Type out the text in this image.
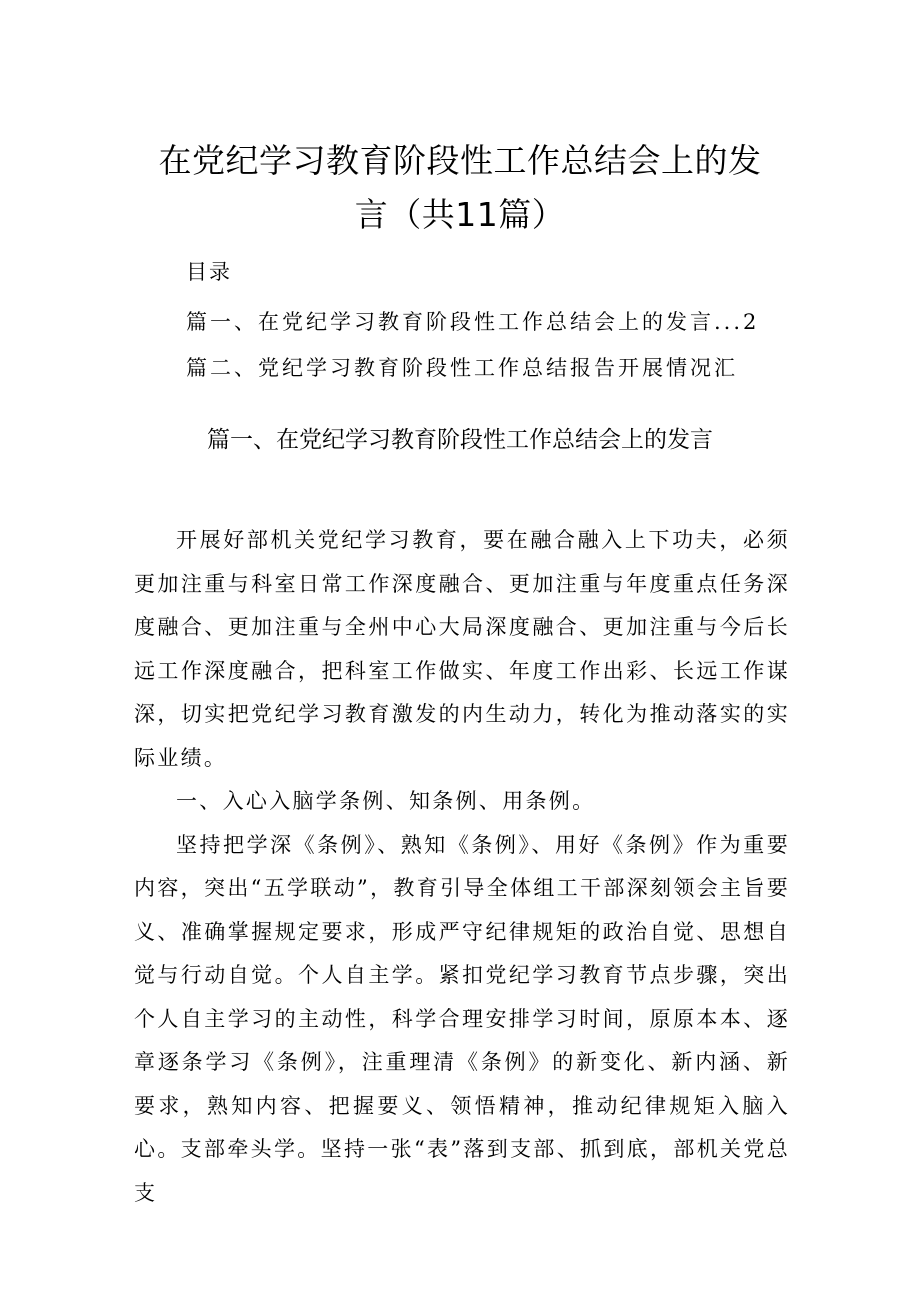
在党纪学习教育阶段性工作总结会上的发言（共11篇）
目录
篇一、在党纪学习教育阶段性工作总结会上的发言...2
篇二、党纪学习教育阶段性工作总结报告开展情况汇
篇一、在党纪学习教育阶段性工作总结会上的发言

开展好部机关党纪学习教育，要在融合融入上下功夫，必须更加注重与科室日常工作深度融合、更加注重与年度重点任务深度融合、更加注重与全州中心大局深度融合、更加注重与今后长远工作深度融合，把科室工作做实、年度工作出彩、长远工作谋深，切实把党纪学习教育激发的内生动力，转化为推动落实的实际业绩。

一、入心入脑学条例、知条例、用条例。

坚持把学深《条例》、熟知《条例》、用好《条例》作为重要内容，突出“五学联动”，教育引导全体组工干部深刻领会主旨要义、准确掌握规定要求，形成严守纪律规矩的政治自觉、思想自觉与行动自觉。个人自主学。紧扣党纪学习教育节点步骤，突出个人自主学习的主动性，科学合理安排学习时间，原原本本、逐章逐条学习《条例》，注重理清《条例》的新变化、新内涵、新要求，熟知内容、把握要义、领悟精神，推动纪律规矩入脑入心。支部牵头学。坚持一张“表”落到支部、抓到底，部机关党总支
